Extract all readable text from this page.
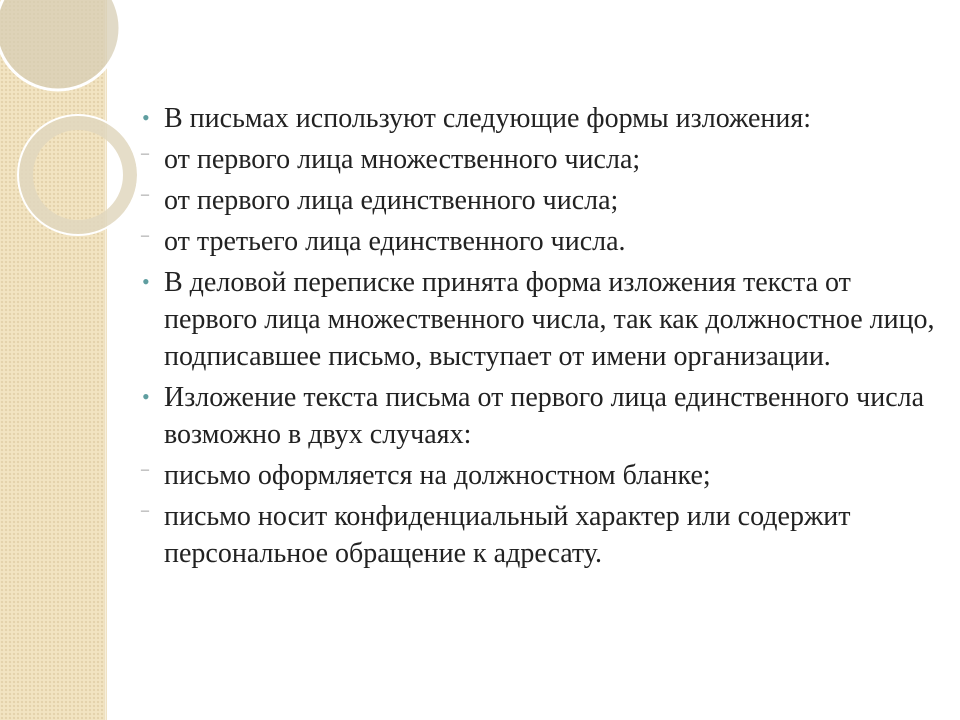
• В письмах используют следующие формы изложения:
– от первого лица множественного числа;
– от первого лица единственного числа;
– от третьего лица единственного числа.
• В деловой переписке принята форма изложения текста от первого лица множественного числа, так как должностное лицо, подписавшее письмо, выступает от имени организации.
• Изложение текста письма от первого лица единственного числа возможно в двух случаях:
– письмо оформляется на должностном бланке;
– письмо носит конфиденциальный характер или содержит персональное обращение к адресату.
